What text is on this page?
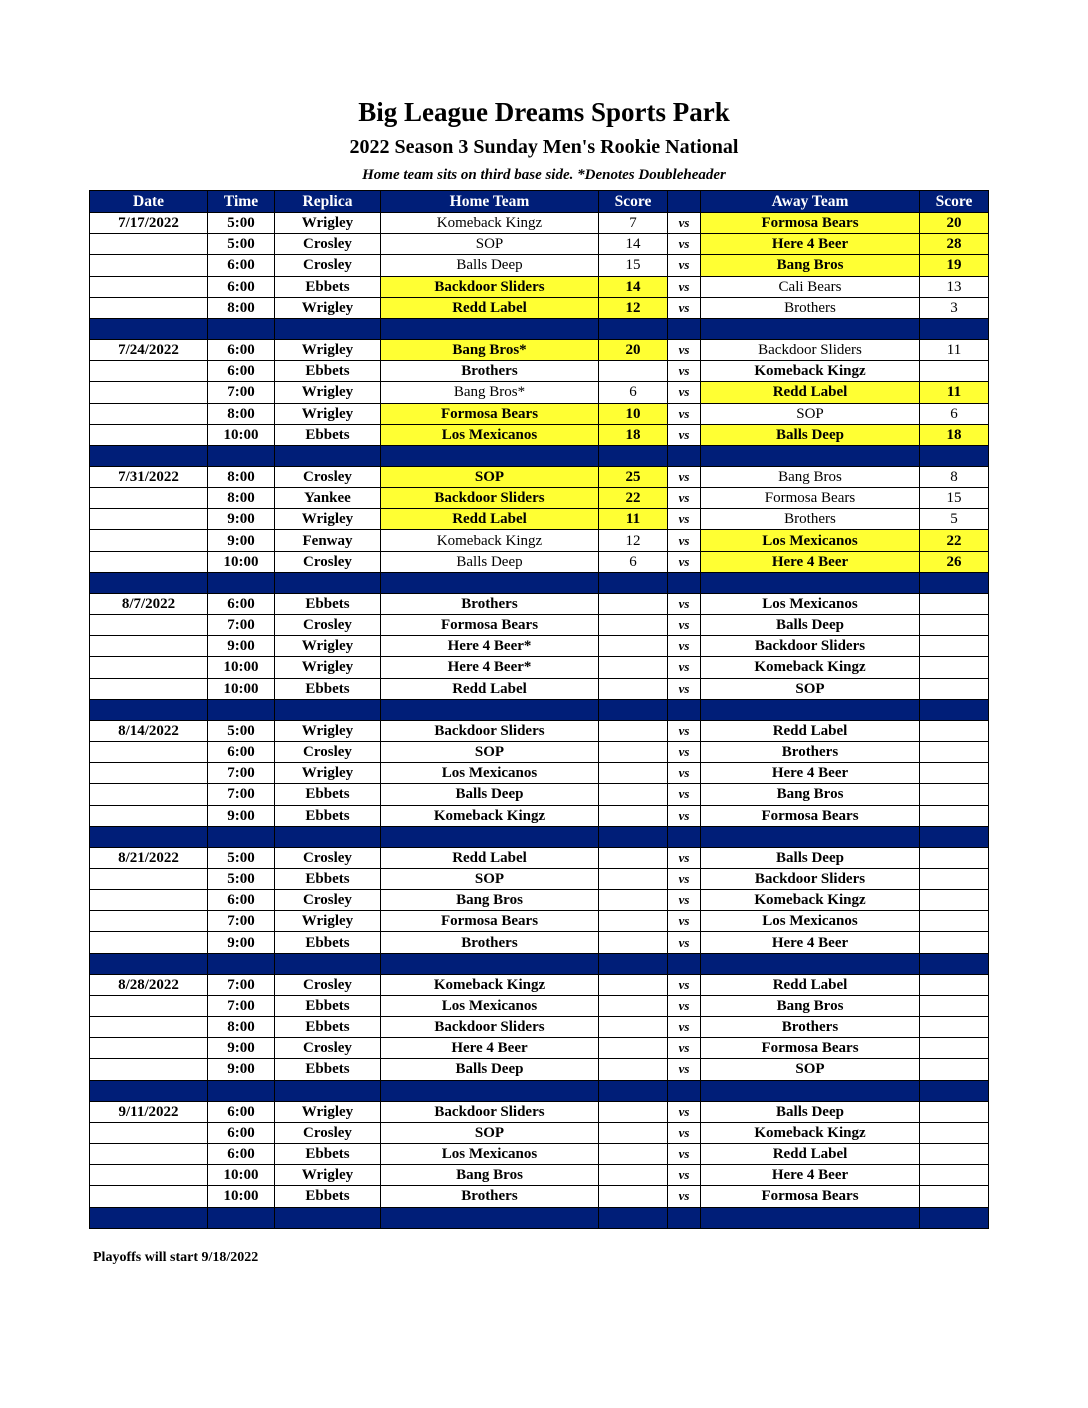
Big League Dreams Sports Park
2022 Season 3 Sunday Men's Rookie National
Home team sits on third base side. *Denotes Doubleheader
Date	Time	Replica	Home Team	Score		Away Team	Score
7/17/2022	5:00	Wrigley	Komeback Kingz	7	vs	Formosa Bears	20
	5:00	Crosley	SOP	14	vs	Here 4 Beer	28
	6:00	Crosley	Balls Deep	15	vs	Bang Bros	19
	6:00	Ebbets	Backdoor Sliders	14	vs	Cali Bears	13
	8:00	Wrigley	Redd Label	12	vs	Brothers	3

7/24/2022	6:00	Wrigley	Bang Bros*	20	vs	Backdoor Sliders	11
	6:00	Ebbets	Brothers		vs	Komeback Kingz	
	7:00	Wrigley	Bang Bros*	6	vs	Redd Label	11
	8:00	Wrigley	Formosa Bears	10	vs	SOP	6
	10:00	Ebbets	Los Mexicanos	18	vs	Balls Deep	18

7/31/2022	8:00	Crosley	SOP	25	vs	Bang Bros	8
	8:00	Yankee	Backdoor Sliders	22	vs	Formosa Bears	15
	9:00	Wrigley	Redd Label	11	vs	Brothers	5
	9:00	Fenway	Komeback Kingz	12	vs	Los Mexicanos	22
	10:00	Crosley	Balls Deep	6	vs	Here 4 Beer	26

8/7/2022	6:00	Ebbets	Brothers		vs	Los Mexicanos	
	7:00	Crosley	Formosa Bears		vs	Balls Deep	
	9:00	Wrigley	Here 4 Beer*		vs	Backdoor Sliders	
	10:00	Wrigley	Here 4 Beer*		vs	Komeback Kingz	
	10:00	Ebbets	Redd Label		vs	SOP	

8/14/2022	5:00	Wrigley	Backdoor Sliders		vs	Redd Label	
	6:00	Crosley	SOP		vs	Brothers	
	7:00	Wrigley	Los Mexicanos		vs	Here 4 Beer	
	7:00	Ebbets	Balls Deep		vs	Bang Bros	
	9:00	Ebbets	Komeback Kingz		vs	Formosa Bears	

8/21/2022	5:00	Crosley	Redd Label		vs	Balls Deep	
	5:00	Ebbets	SOP		vs	Backdoor Sliders	
	6:00	Crosley	Bang Bros		vs	Komeback Kingz	
	7:00	Wrigley	Formosa Bears		vs	Los Mexicanos	
	9:00	Ebbets	Brothers		vs	Here 4 Beer	

8/28/2022	7:00	Crosley	Komeback Kingz		vs	Redd Label	
	7:00	Ebbets	Los Mexicanos		vs	Bang Bros	
	8:00	Ebbets	Backdoor Sliders		vs	Brothers	
	9:00	Crosley	Here 4 Beer		vs	Formosa Bears	
	9:00	Ebbets	Balls Deep		vs	SOP	

9/11/2022	6:00	Wrigley	Backdoor Sliders		vs	Balls Deep	
	6:00	Crosley	SOP		vs	Komeback Kingz	
	6:00	Ebbets	Los Mexicanos		vs	Redd Label	
	10:00	Wrigley	Bang Bros		vs	Here 4 Beer	
	10:00	Ebbets	Brothers		vs	Formosa Bears	

Playoffs will start 9/18/2022
